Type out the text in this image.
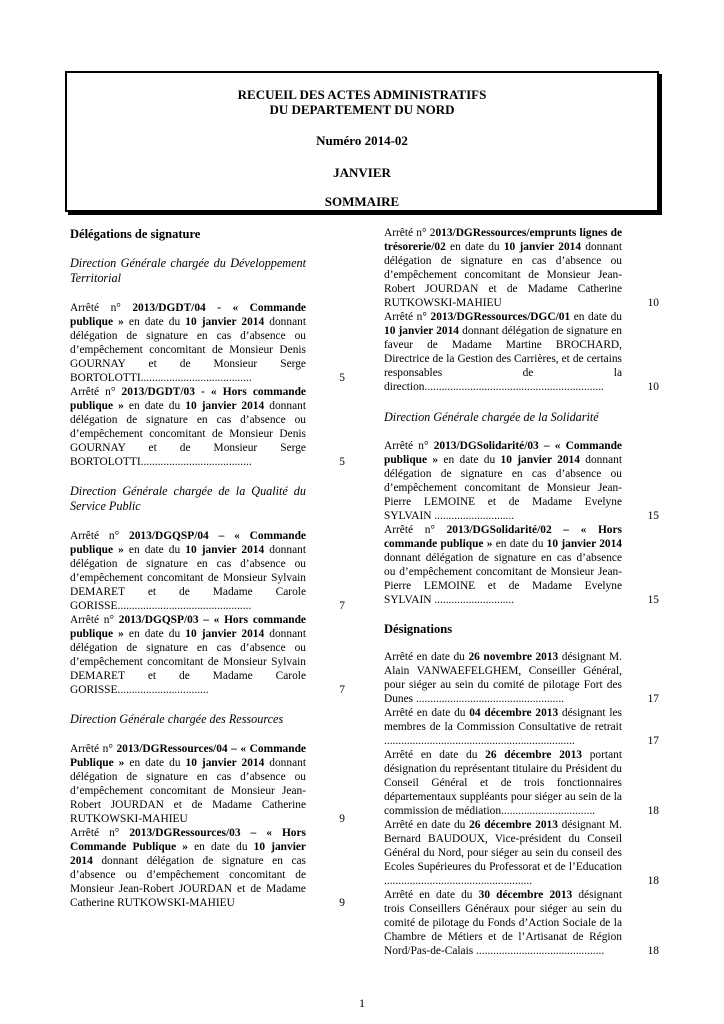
RECUEIL DES ACTES ADMINISTRATIFS
DU DEPARTEMENT DU NORD
Numéro 2014-02
JANVIER
SOMMAIRE
Délégations de signature
Direction Générale chargée du Développement Territorial
Arrêté n° 2013/DGDT/04 - « Commande publique » en date du 10 janvier 2014 donnant délégation de signature en cas d’absence ou d’empêchement concomitant de Monsieur Denis GOURNAY et de Monsieur Serge BORTOLOTTI.......................................	5
Arrêté n° 2013/DGDT/03 - « Hors commande publique » en date du 10 janvier 2014 donnant délégation de signature en cas d’absence ou d’empêchement concomitant de Monsieur Denis GOURNAY et de Monsieur Serge BORTOLOTTI.......................................	5
Direction Générale chargée de la Qualité du Service Public
Arrêté n° 2013/DGQSP/04 – « Commande publique » en date du 10 janvier 2014 donnant délégation de signature en cas d’absence ou d’empêchement concomitant de Monsieur Sylvain DEMARET et de Madame Carole GORISSE...............................................	7
Arrêté n° 2013/DGQSP/03 – « Hors commande publique » en date du 10 janvier 2014 donnant délégation de signature en cas d’absence ou d’empêchement concomitant de Monsieur Sylvain DEMARET et de Madame Carole GORISSE................................	7
Direction Générale chargée des Ressources
Arrêté n° 2013/DGRessources/04 – « Commande Publique » en date du 10 janvier 2014 donnant délégation de signature en cas d’absence ou d’empêchement concomitant de Monsieur Jean-Robert JOURDAN et de Madame Catherine RUTKOWSKI-MAHIEU	9
Arrêté n° 2013/DGRessources/03 – « Hors Commande Publique » en date du 10 janvier 2014 donnant délégation de signature en cas d’absence ou d’empêchement concomitant de Monsieur Jean-Robert JOURDAN et de Madame Catherine RUTKOWSKI-MAHIEU	9
Arrêté n° 2013/DGRessources/emprunts lignes de trésorerie/02 en date du 10 janvier 2014 donnant délégation de signature en cas d’absence ou d’empêchement concomitant de Monsieur Jean-Robert JOURDAN et de Madame Catherine RUTKOWSKI-MAHIEU	10
Arrêté n° 2013/DGRessources/DGC/01 en date du 10 janvier 2014 donnant délégation de signature en faveur de Madame Martine BROCHARD, Directrice de la Gestion des Carrières, et de certains responsables de la direction...............................................................	10
Direction Générale chargée de la Solidarité
Arrêté n° 2013/DGSolidarité/03 – « Commande publique » en date du 10 janvier 2014 donnant délégation de signature en cas d’absence ou d’empêchement concomitant de Monsieur Jean-Pierre LEMOINE et de Madame Evelyne SYLVAIN ............................	15
Arrêté n° 2013/DGSolidarité/02 – « Hors commande publique » en date du 10 janvier 2014 donnant délégation de signature en cas d’absence ou d’empêchement concomitant de Monsieur Jean-Pierre LEMOINE et de Madame Evelyne SYLVAIN ............................	15
Désignations
Arrêté en date du 26 novembre 2013 désignant M. Alain VANWAEFELGHEM, Conseiller Général, pour siéger au sein du comité de pilotage Fort des Dunes ....................................................	17
Arrêté en date du 04 décembre 2013 désignant les membres de la Commission Consultative de retrait ...................................................................	17
Arrêté en date du 26 décembre 2013 portant désignation du représentant titulaire du Président du Conseil Général et de trois fonctionnaires départementaux suppléants pour siéger au sein de la commission de médiation.................................	18
Arrêté en date du 26 décembre 2013 désignant M. Bernard BAUDOUX, Vice-président du Conseil Général du Nord, pour siéger au sein du conseil des Ecoles Supérieures du Professorat et de l’Education ....................................................	18
Arrêté en date du 30 décembre 2013 désignant trois Conseillers Généraux pour siéger au sein du comité de pilotage du Fonds d’Action Sociale de la Chambre de Métiers et de l’Artisanat de Région Nord/Pas-de-Calais .............................................	18
1
